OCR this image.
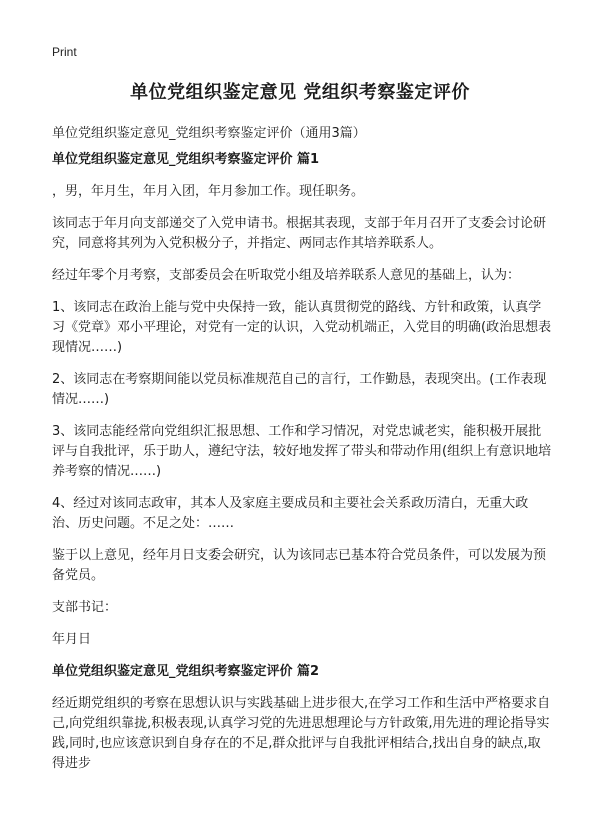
Print
单位党组织鉴定意见 党组织考察鉴定评价
单位党组织鉴定意见_党组织考察鉴定评价（通用3篇）

单位党组织鉴定意见_党组织考察鉴定评价 篇1

，男，年月生，年月入团，年月参加工作。现任职务。

该同志于年月向支部递交了入党申请书。根据其表现，支部于年月召开了支委会讨论研究，同意将其列为入党积极分子，并指定、两同志作其培养联系人。

经过年零个月考察，支部委员会在听取党小组及培养联系人意见的基础上，认为：

1、该同志在政治上能与党中央保持一致，能认真贯彻党的路线、方针和政策，认真学习《党章》邓小平理论，对党有一定的认识，入党动机端正，入党目的明确(政治思想表现情况……)

2、该同志在考察期间能以党员标准规范自己的言行，工作勤恳，表现突出。(工作表现情况……)

3、该同志能经常向党组织汇报思想、工作和学习情况，对党忠诚老实，能积极开展批评与自我批评，乐于助人，遵纪守法，较好地发挥了带头和带动作用(组织上有意识地培养考察的情况……)

4、经过对该同志政审，其本人及家庭主要成员和主要社会关系政历清白，无重大政治、历史问题。不足之处：……

鉴于以上意见，经年月日支委会研究，认为该同志已基本符合党员条件，可以发展为预备党员。

支部书记：

年月日

单位党组织鉴定意见_党组织考察鉴定评价 篇2

经近期党组织的考察在思想认识与实践基础上进步很大,在学习工作和生活中严格要求自己,向党组织靠拢,积极表现,认真学习党的先进思想理论与方针政策,用先进的理论指导实践,同时,也应该意识到自身存在的不足,群众批评与自我批评相结合,找出自身的缺点,取得进步
